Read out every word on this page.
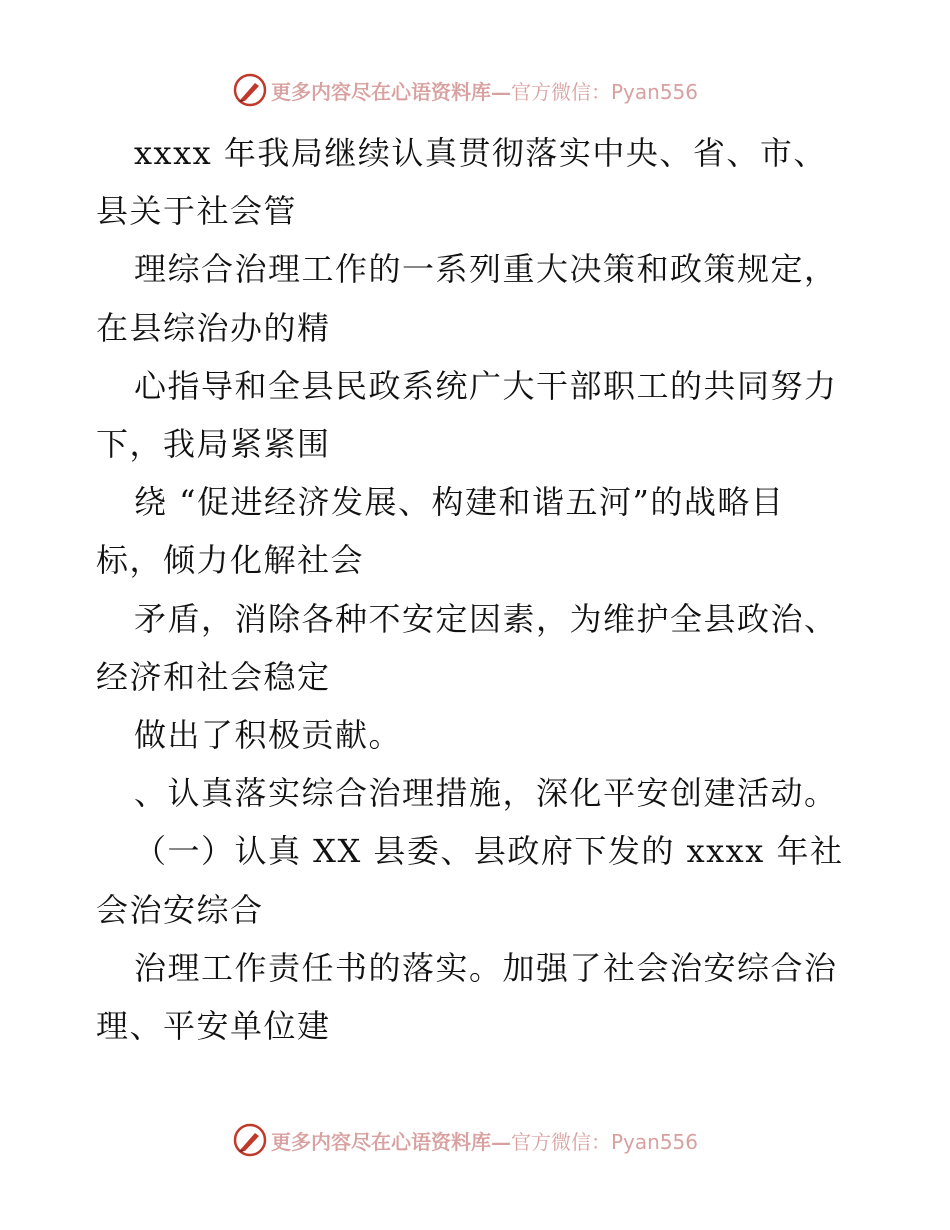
更多内容尽在心语资料库—官方微信：Pyan556
xxxx 年我局继续认真贯彻落实中央、省、市、
县关于社会管
理综合治理工作的一系列重大决策和政策规定，
在县综治办的精
心指导和全县民政系统广大干部职工的共同努力
下，我局紧紧围
绕 “促进经济发展、构建和谐五河”的战略目
标，倾力化解社会
矛盾，消除各种不安定因素，为维护全县政治、
经济和社会稳定
做出了积极贡献。
、认真落实综合治理措施，深化平安创建活动。
（一）认真 XX 县委、县政府下发的 xxxx 年社
会治安综合
治理工作责任书的落实。加强了社会治安综合治
理、平安单位建
更多内容尽在心语资料库—官方微信：Pyan556
